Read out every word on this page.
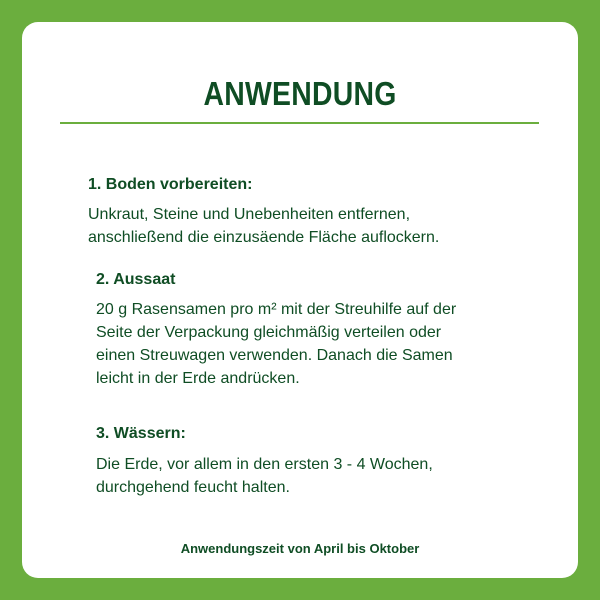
ANWENDUNG
1. Boden vorbereiten:
Unkraut, Steine und Unebenheiten entfernen,
anschließend die einzusäende Fläche auflockern.
2. Aussaat
20 g Rasensamen pro m² mit der Streuhilfe auf der
Seite der Verpackung gleichmäßig verteilen oder
einen Streuwagen verwenden. Danach die Samen
leicht in der Erde andrücken.
3. Wässern:
Die Erde, vor allem in den ersten 3 - 4 Wochen,
durchgehend feucht halten.
Anwendungszeit von April bis Oktober
